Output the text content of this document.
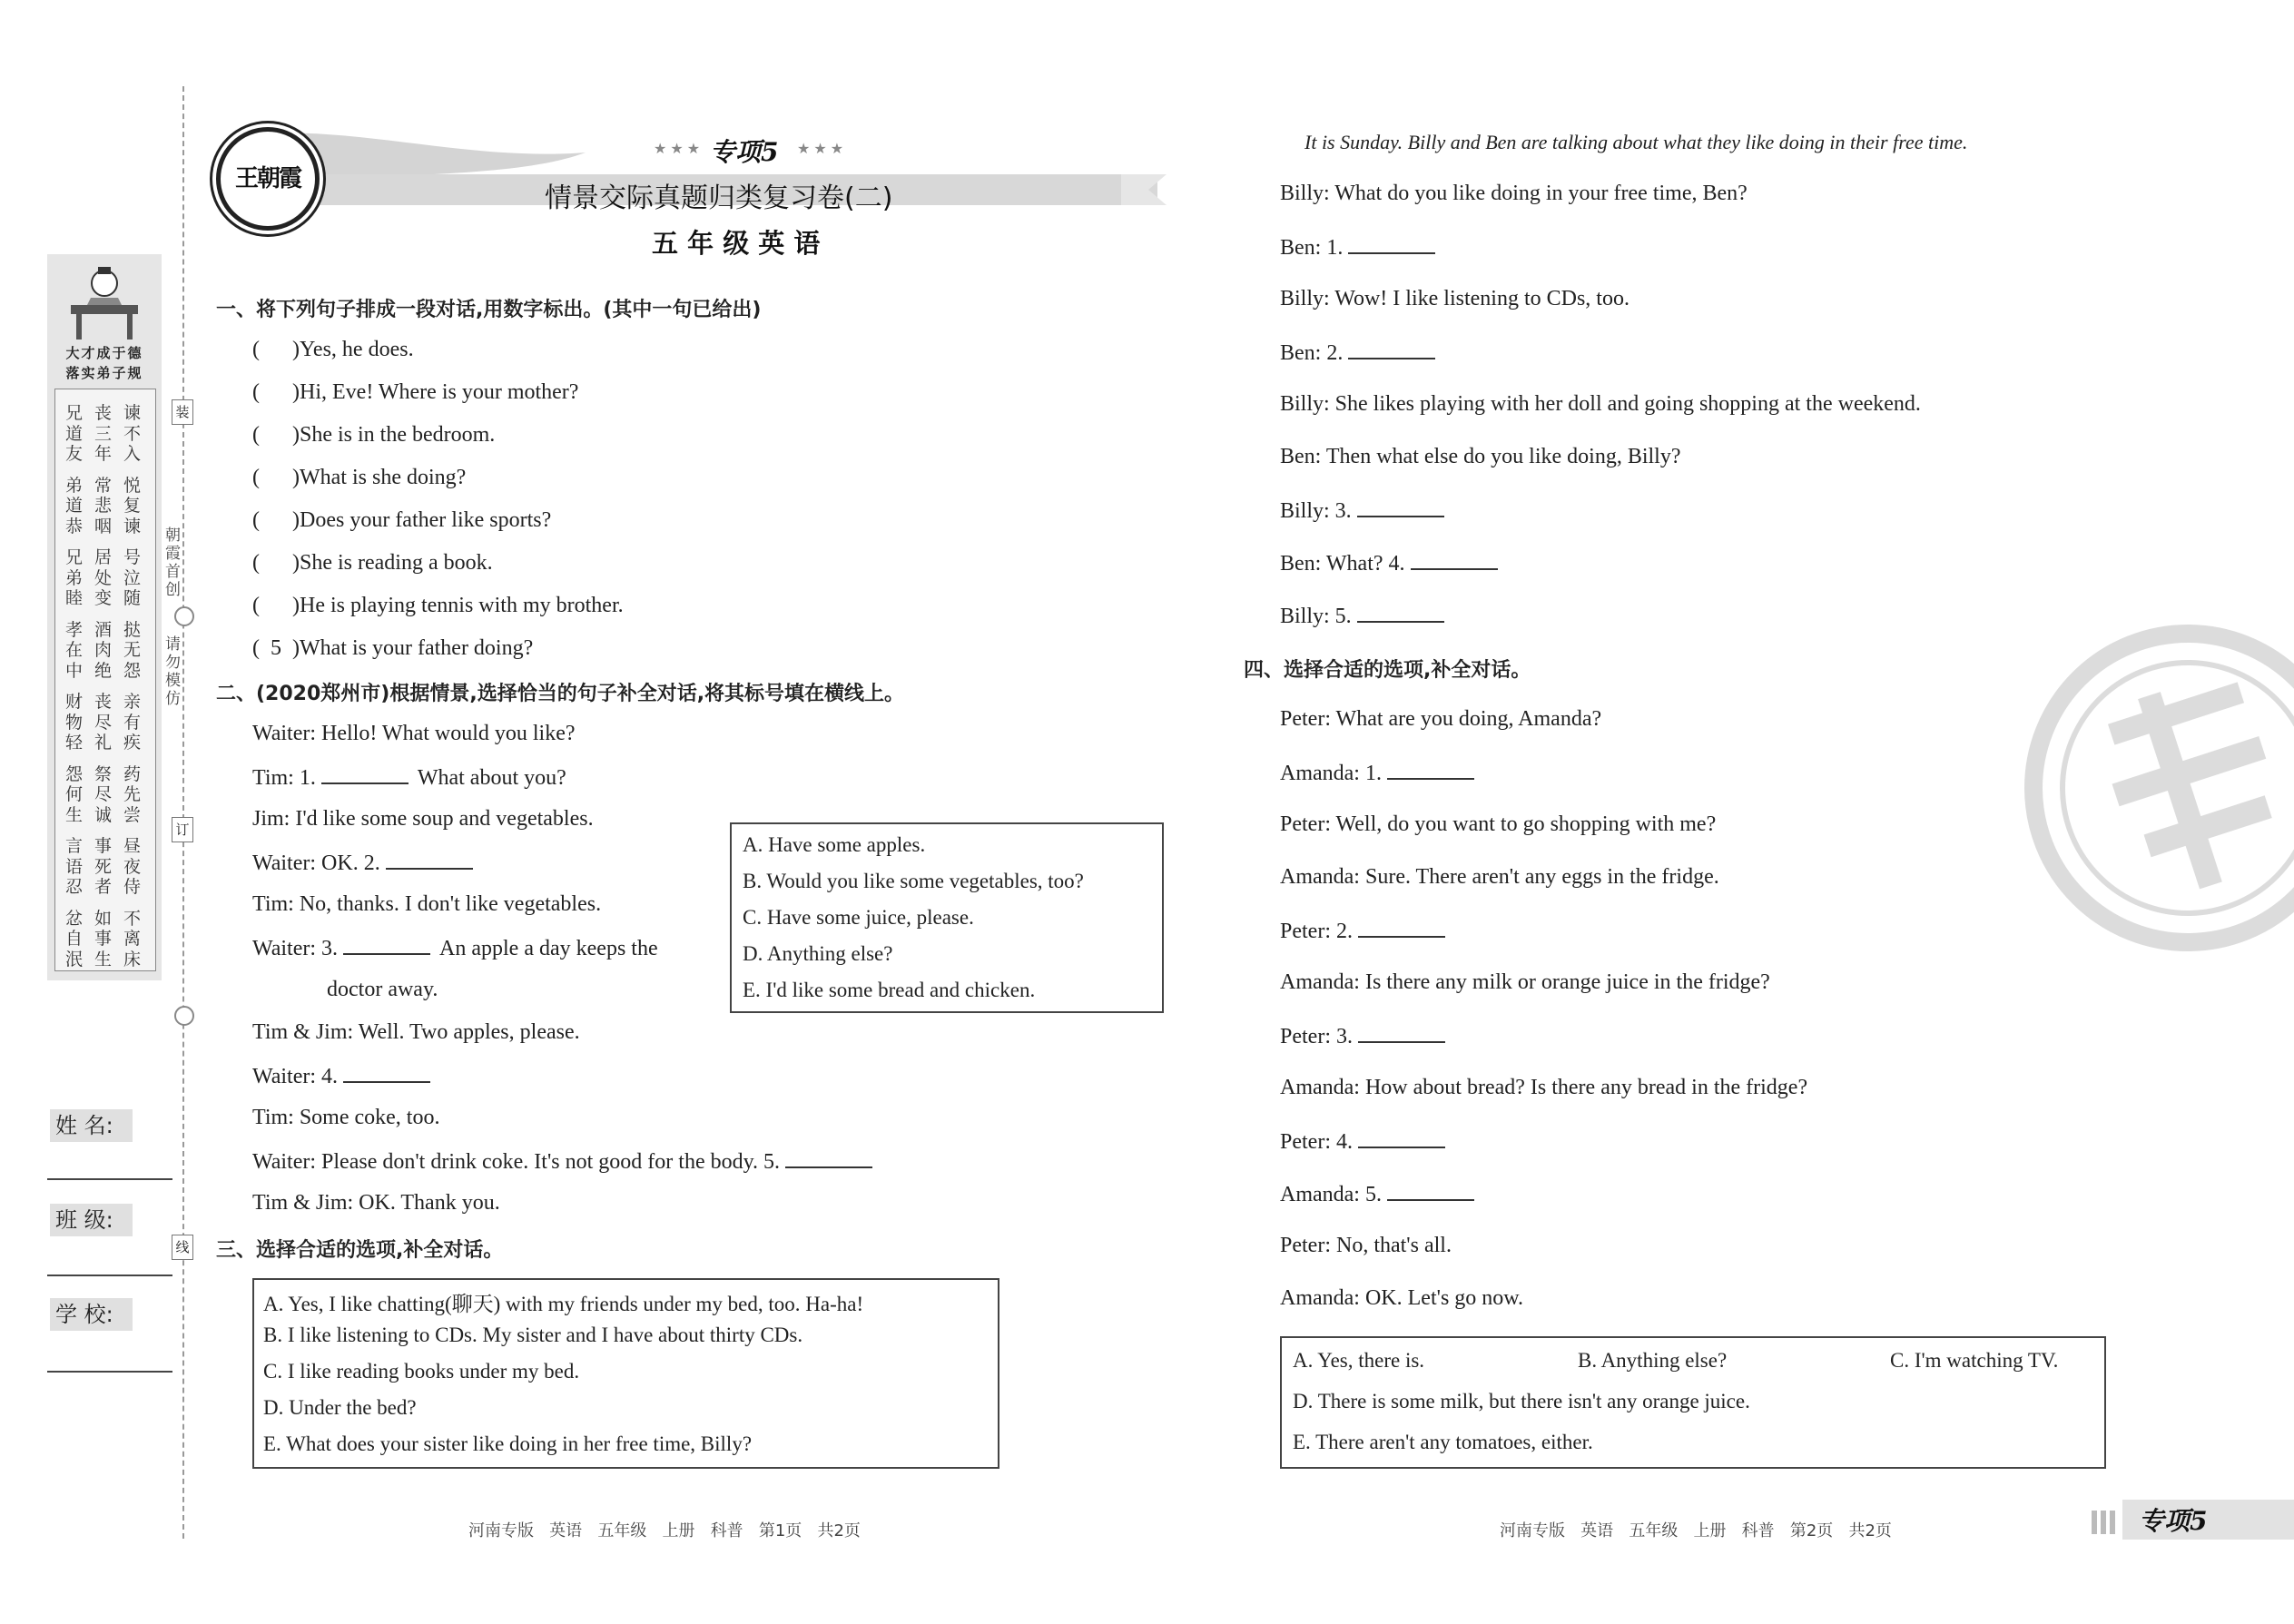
大才成于德
落实弟子规
兄
道
友
弟
道
恭
兄
弟
睦
孝
在
中
财
物
轻
怨
何
生
言
语
忍
忿
自
泯
丧
三
年
常
悲
咽
居
处
变
酒
肉
绝
丧
尽
礼
祭
尽
诚
事
死
者
如
事
生
谏
不
入
悦
复
谏
号
泣
随
挞
无
怨
亲
有
疾
药
先
尝
昼
夜
侍
不
离
床
装
订
线
朝霞首创
请勿模仿
姓 名:
班 级:
学 校:
王朝霞
★ ★ ★ 专项5 ★ ★ ★
情景交际真题归类复习卷(二)
五 年 级 英 语
一、将下列句子排成一段对话,用数字标出。(其中一句已给出)
( )Yes, he does.
( )Hi, Eve! Where is your mother?
( )She is in the bedroom.
( )What is she doing?
( )Does your father like sports?
( )She is reading a book.
( )He is playing tennis with my brother.
( 5 )What is your father doing?
二、(2020郑州市)根据情景,选择恰当的句子补全对话,将其标号填在横线上。
Waiter: Hello! What would you like?
Tim: 1.	What about you?
Jim: I'd like some soup and vegetables.
Waiter: OK. 2.
Tim: No, thanks. I don't like vegetables.
Waiter: 3.	An apple a day keeps the
doctor away.
Tim & Jim: Well. Two apples, please.
Waiter: 4.
Tim: Some coke, too.
Waiter: Please don't drink coke. It's not good for the body. 5.
Tim & Jim: OK. Thank you.
A. Have some apples.
B. Would you like some vegetables, too?
C. Have some juice, please.
D. Anything else?
E. I'd like some bread and chicken.
三、选择合适的选项,补全对话。
A. Yes, I like chatting(聊天) with my friends under my bed, too. Ha-ha!
B. I like listening to CDs. My sister and I have about thirty CDs.
C. I like reading books under my bed.
D. Under the bed?
E. What does your sister like doing in her free time, Billy?
It is Sunday. Billy and Ben are talking about what they like doing in their free time.
Billy: What do you like doing in your free time, Ben?
Ben: 1.
Billy: Wow! I like listening to CDs, too.
Ben: 2.
Billy: She likes playing with her doll and going shopping at the weekend.
Ben: Then what else do you like doing, Billy?
Billy: 3.
Ben: What? 4.
Billy: 5.
四、选择合适的选项,补全对话。
Peter: What are you doing, Amanda?
Amanda: 1.
Peter: Well, do you want to go shopping with me?
Amanda: Sure. There aren't any eggs in the fridge.
Peter: 2.
Amanda: Is there any milk or orange juice in the fridge?
Peter: 3.
Amanda: How about bread? Is there any bread in the fridge?
Peter: 4.
Amanda: 5.
Peter: No, that's all.
Amanda: OK. Let's go now.
A. Yes, there is.	B. Anything else?	C. I'm watching TV.
D. There is some milk, but there isn't any orange juice.
E. There aren't any tomatoes, either.
河南专版   英语   五年级   上册   科普   第1页   共2页	河南专版   英语   五年级   上册   科普   第2页   共2页	专项5
